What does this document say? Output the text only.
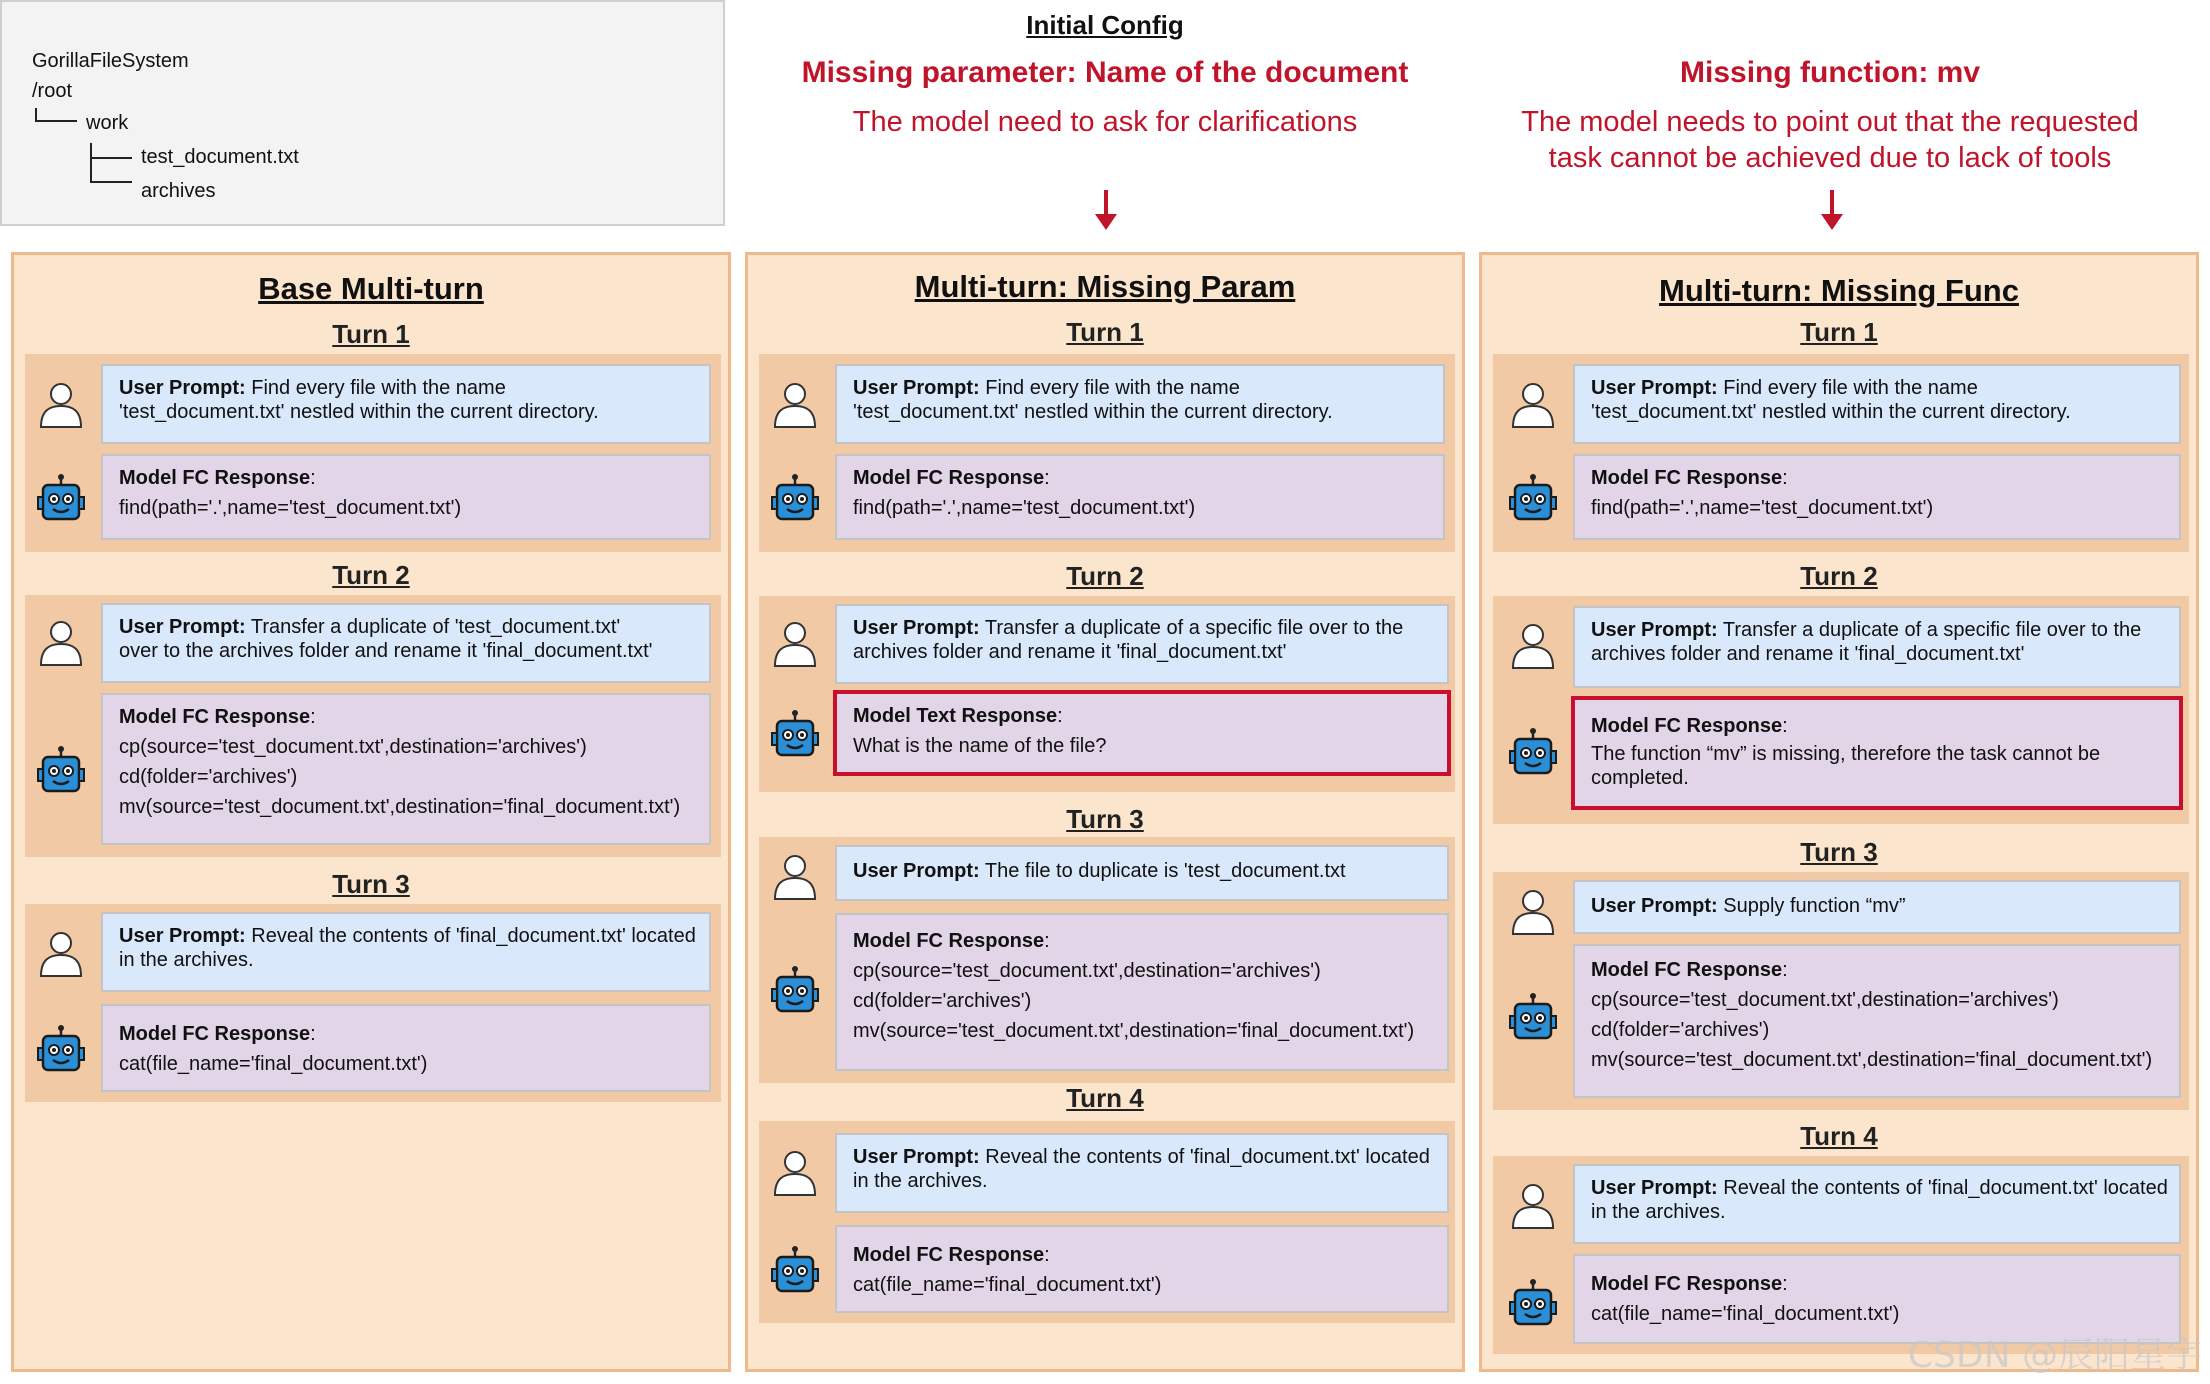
Initial Config
GorillaFileSystem
/root
work
test_document.txt
archives
Missing parameter: Name of the document
The model need to ask for clarifications
Missing function: mv
The model needs to point out that the requested
task cannot be achieved due to lack of tools
Base Multi-turn
Turn 1
User Prompt: Find every file with the name
'test_document.txt' nestled within the current directory.
Model FC Response:
find(path='.',name='test_document.txt')
Turn 2
User Prompt: Transfer a duplicate of 'test_document.txt'
over to the archives folder and rename it 'final_document.txt'
Model FC Response:
cp(source='test_document.txt',destination='archives')
cd(folder='archives')
mv(source='test_document.txt',destination='final_document.txt')
Turn 3
User Prompt: Reveal the contents of 'final_document.txt' located
in the archives.
Model FC Response:
cat(file_name='final_document.txt')
Multi-turn: Missing Param
Turn 1
User Prompt: Find every file with the name
'test_document.txt' nestled within the current directory.
Model FC Response:
find(path='.',name='test_document.txt')
Turn 2
User Prompt: Transfer a duplicate of a specific file over to the
archives folder and rename it 'final_document.txt'
Model Text Response:
What is the name of the file?
Turn 3
User Prompt: The file to duplicate is 'test_document.txt
Model FC Response:
cp(source='test_document.txt',destination='archives')
cd(folder='archives')
mv(source='test_document.txt',destination='final_document.txt')
Turn 4
User Prompt: Reveal the contents of 'final_document.txt' located
in the archives.
Model FC Response:
cat(file_name='final_document.txt')
Multi-turn: Missing Func
Turn 1
User Prompt: Find every file with the name
'test_document.txt' nestled within the current directory.
Model FC Response:
find(path='.',name='test_document.txt')
Turn 2
User Prompt: Transfer a duplicate of a specific file over to the
archives folder and rename it 'final_document.txt'
Model FC Response:
The function “mv” is missing, therefore the task cannot be
completed.
Turn 3
User Prompt: Supply function “mv”
Model FC Response:
cp(source='test_document.txt',destination='archives')
cd(folder='archives')
mv(source='test_document.txt',destination='final_document.txt')
Turn 4
User Prompt: Reveal the contents of 'final_document.txt' located
in the archives.
Model FC Response:
cat(file_name='final_document.txt')
CSDN @辰阳星宇
